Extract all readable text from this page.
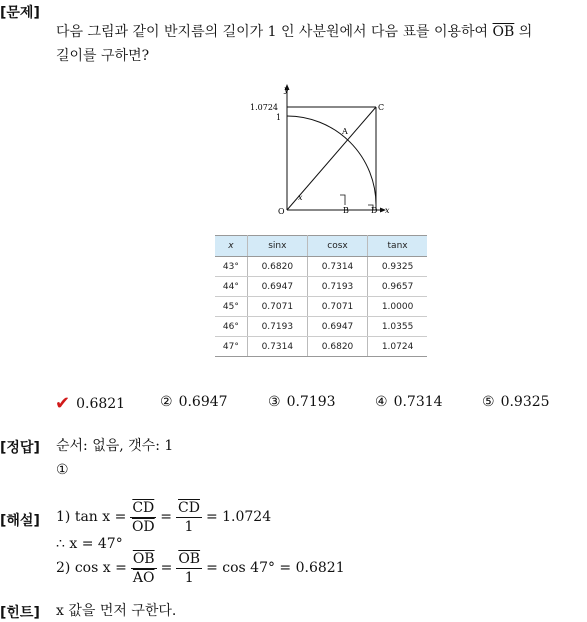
[문제]
다음 그림과 같이 반지름의 길이가 1 인 사분원에서 다음 표를 이용하여 $\overline{OB}$ 의
길이를 구하면?
y
x
1.0724
1
O
x
A
B
C
D
x	sinx	cosx	tanx
43°	0.6820	0.7314	0.9325
44°	0.6947	0.7193	0.9657
45°	0.7071	0.7071	1.0000
46°	0.7193	0.6947	1.0355
47°	0.7314	0.6820	1.0724
✔ 0.6821 ② 0.6947	③ 0.7193	④ 0.7314	⑤ 0.9325
[정답] 순서: 없음, 갯수: 1
①
[해설] 1) $\tan x = \frac{\overline{CD}}{OD} = \frac{\overline{CD}}{1} = 1.0724$
∴ x = 47°
2) $\cos x = \frac{\overline{OB}}{AO} = \frac{\overline{OB}}{1} = \cos 47^\circ = 0.6821$
[힌트] x 값을 먼저 구한다.
